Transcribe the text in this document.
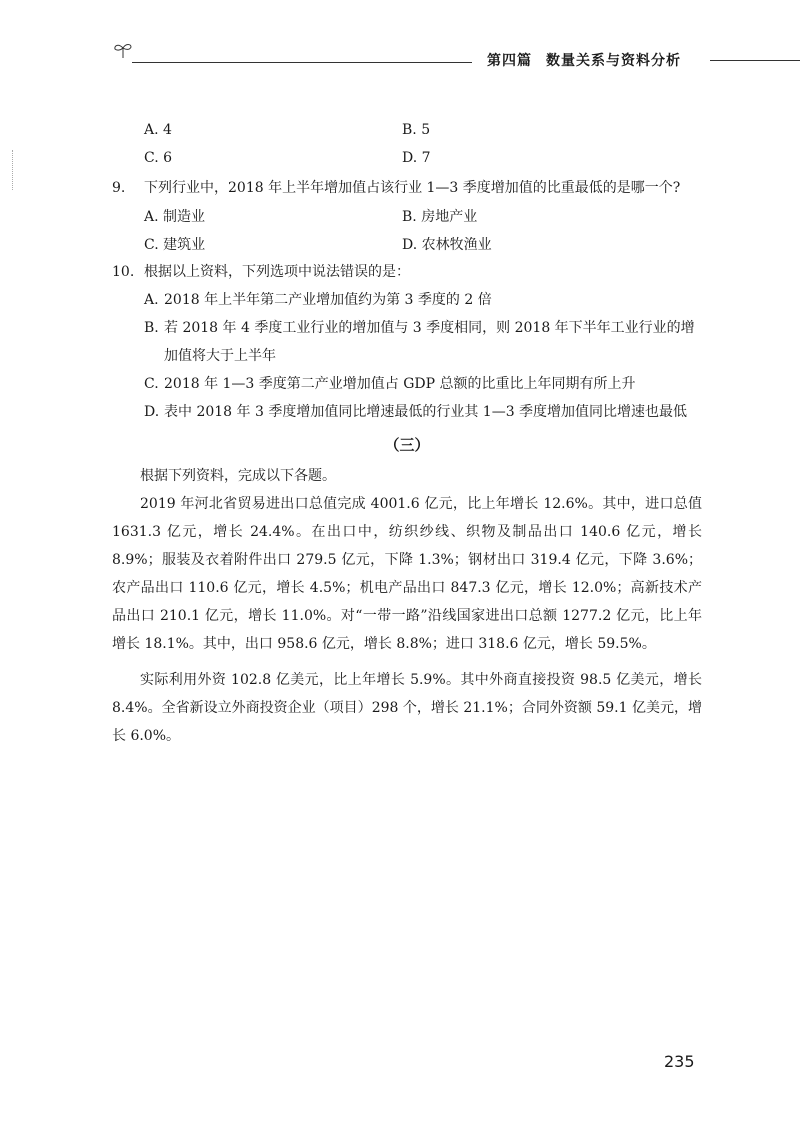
第四篇 数量关系与资料分析
A. 4	B. 5
C. 6	D. 7
9. 下列行业中，2018 年上半年增加值占该行业 1—3 季度增加值的比重最低的是哪一个?
A. 制造业	B. 房地产业
C. 建筑业	D. 农林牧渔业
10. 根据以上资料，下列选项中说法错误的是：
A. 2018 年上半年第二产业增加值约为第 3 季度的 2 倍
B. 若 2018 年 4 季度工业行业的增加值与 3 季度相同，则 2018 年下半年工业行业的增加值将大于上半年
C. 2018 年 1—3 季度第二产业增加值占 GDP 总额的比重比上年同期有所上升
D. 表中 2018 年 3 季度增加值同比增速最低的行业其 1—3 季度增加值同比增速也最低
（三）
根据下列资料，完成以下各题。
2019 年河北省贸易进出口总值完成 4001.6 亿元，比上年增长 12.6%。其中，进口总值 1631.3 亿元，增长 24.4%。在出口中，纺织纱线、织物及制品出口 140.6 亿元，增长 8.9%；服装及衣着附件出口 279.5 亿元，下降 1.3%；钢材出口 319.4 亿元，下降 3.6%；农产品出口 110.6 亿元，增长 4.5%；机电产品出口 847.3 亿元，增长 12.0%；高新技术产品出口 210.1 亿元，增长 11.0%。对“一带一路”沿线国家进出口总额 1277.2 亿元，比上年增长 18.1%。其中，出口 958.6 亿元，增长 8.8%；进口 318.6 亿元，增长 59.5%。
实际利用外资 102.8 亿美元，比上年增长 5.9%。其中外商直接投资 98.5 亿美元，增长 8.4%。全省新设立外商投资企业（项目）298 个，增长 21.1%；合同外资额 59.1 亿美元，增长 6.0%。
235
